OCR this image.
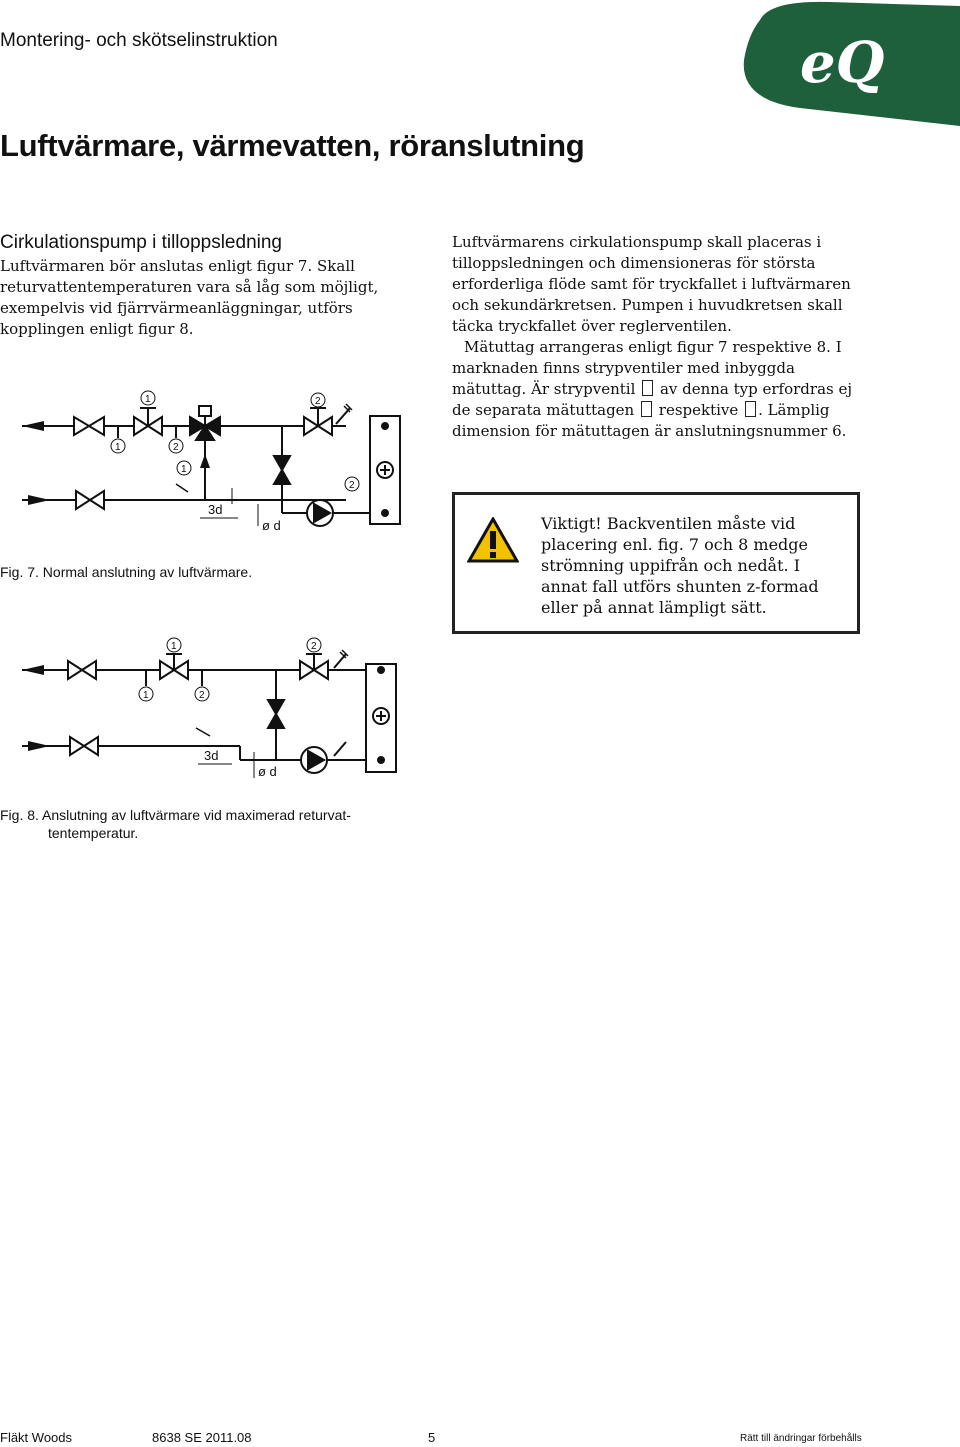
Montering- och skötselinstruktion	eQ
Luftvärmare, värmevatten, röranslutning
Cirkulationspump i tilloppsledning

Luftvärmaren bör anslutas enligt figur 7. Skall returvattentemperaturen vara så låg som möjligt, exempelvis vid fjärrvärmeanläggningar, utförs kopplingen enligt figur 8.

Luftvärmarens cirkulationspump skall placeras i tilloppsledningen och dimensioneras för största erforderliga flöde samt för tryckfallet i luftvärmaren och sekundärkretsen. Pumpen i huvudkretsen skall täcka tryckfallet över reglerventilen.

Mätuttag arrangeras enligt figur 7 respektive 8. I marknaden finns strypventiler med inbyggda mätuttag. Är strypventil av denna typ erfordras ej de separata mätuttagen respektive . Lämplig dimension för mätuttagen är anslutningsnummer 6.

1	2
1	2
1
2
3d
ø d
Fig. 7. Normal anslutning av luftvärmare.
Viktigt! Backventilen måste vid placering enl. fig. 7 och 8 medge strömning uppifrån och nedåt. I annat fall utförs shunten z-formad eller på annat lämpligt sätt.
1	2
1	2
3d
ø d
Fig. 8. Anslutning av luftvärmare vid maximerad returvat-
tentemperatur.
Fläkt Woods	8638 SE 2011.08	5	Rätt till ändringar förbehålls
